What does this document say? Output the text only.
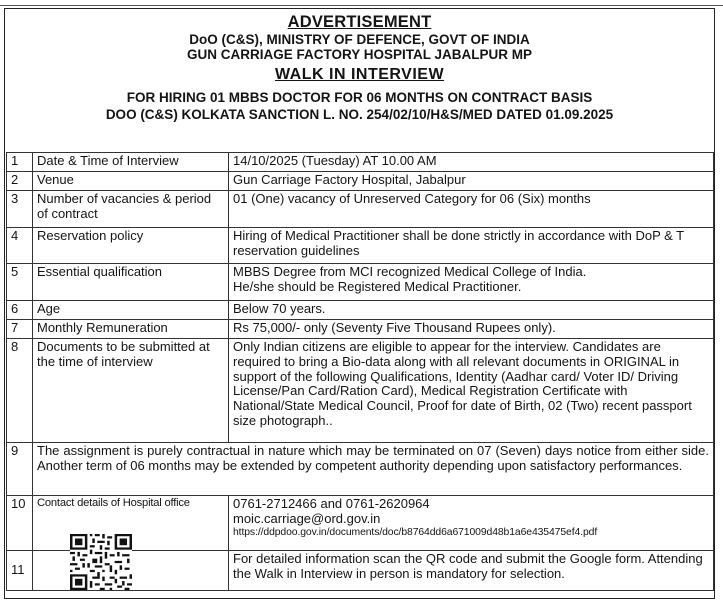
ADVERTISEMENT
DoO (C&S), MINISTRY OF DEFENCE, GOVT OF INDIA
GUN CARRIAGE FACTORY HOSPITAL JABALPUR MP
WALK IN INTERVIEW
FOR HIRING 01 MBBS DOCTOR FOR 06 MONTHS ON CONTRACT BASIS
DOO (C&S) KOLKATA SANCTION L. NO. 254/02/10/H&S/MED DATED 01.09.2025
1	Date & Time of Interview	14/10/2025 (Tuesday) AT 10.00 AM
2	Venue	Gun Carriage Factory Hospital, Jabalpur
3	Number of vacancies & period of contract	01 (One) vacancy of Unreserved Category for 06 (Six) months
4	Reservation policy	Hiring of Medical Practitioner shall be done strictly in accordance with DoP & T reservation guidelines
5	Essential qualification	MBBS Degree from MCI recognized Medical College of India.
He/she should be Registered Medical Practitioner.

6	Age	Below 70 years.
7	Monthly Remuneration	Rs 75,000/- only (Seventy Five Thousand Rupees only).
8	Documents to be submitted at the time of interview	Only Indian citizens are eligible to appear for the interview. Candidates are required to bring a Bio-data along with all relevant documents in ORIGINAL in support of the following Qualifications, Identity (Aadhar card/ Voter ID/ Driving License/Pan Card/Ration Card), Medical Registration Certificate with National/State Medical Council, Proof for date of Birth, 02 (Two) recent passport size photograph..
9	The assignment is purely contractual in nature which may be terminated on 07 (Seven) days notice from either side. Another term of 06 months may be extended by competent authority depending upon satisfactory performances.	
10	Contact details of Hospital office	0761-2712466 and 0761-2620964
moic.carriage@ord.gov.in
https://ddpdoo.gov.in/documents/doc/b8764dd6a671009d48b1a6e435475ef4.pdf

11		For detailed information scan the QR code and submit the Google form. Attending the Walk in Interview in person is mandatory for selection.
